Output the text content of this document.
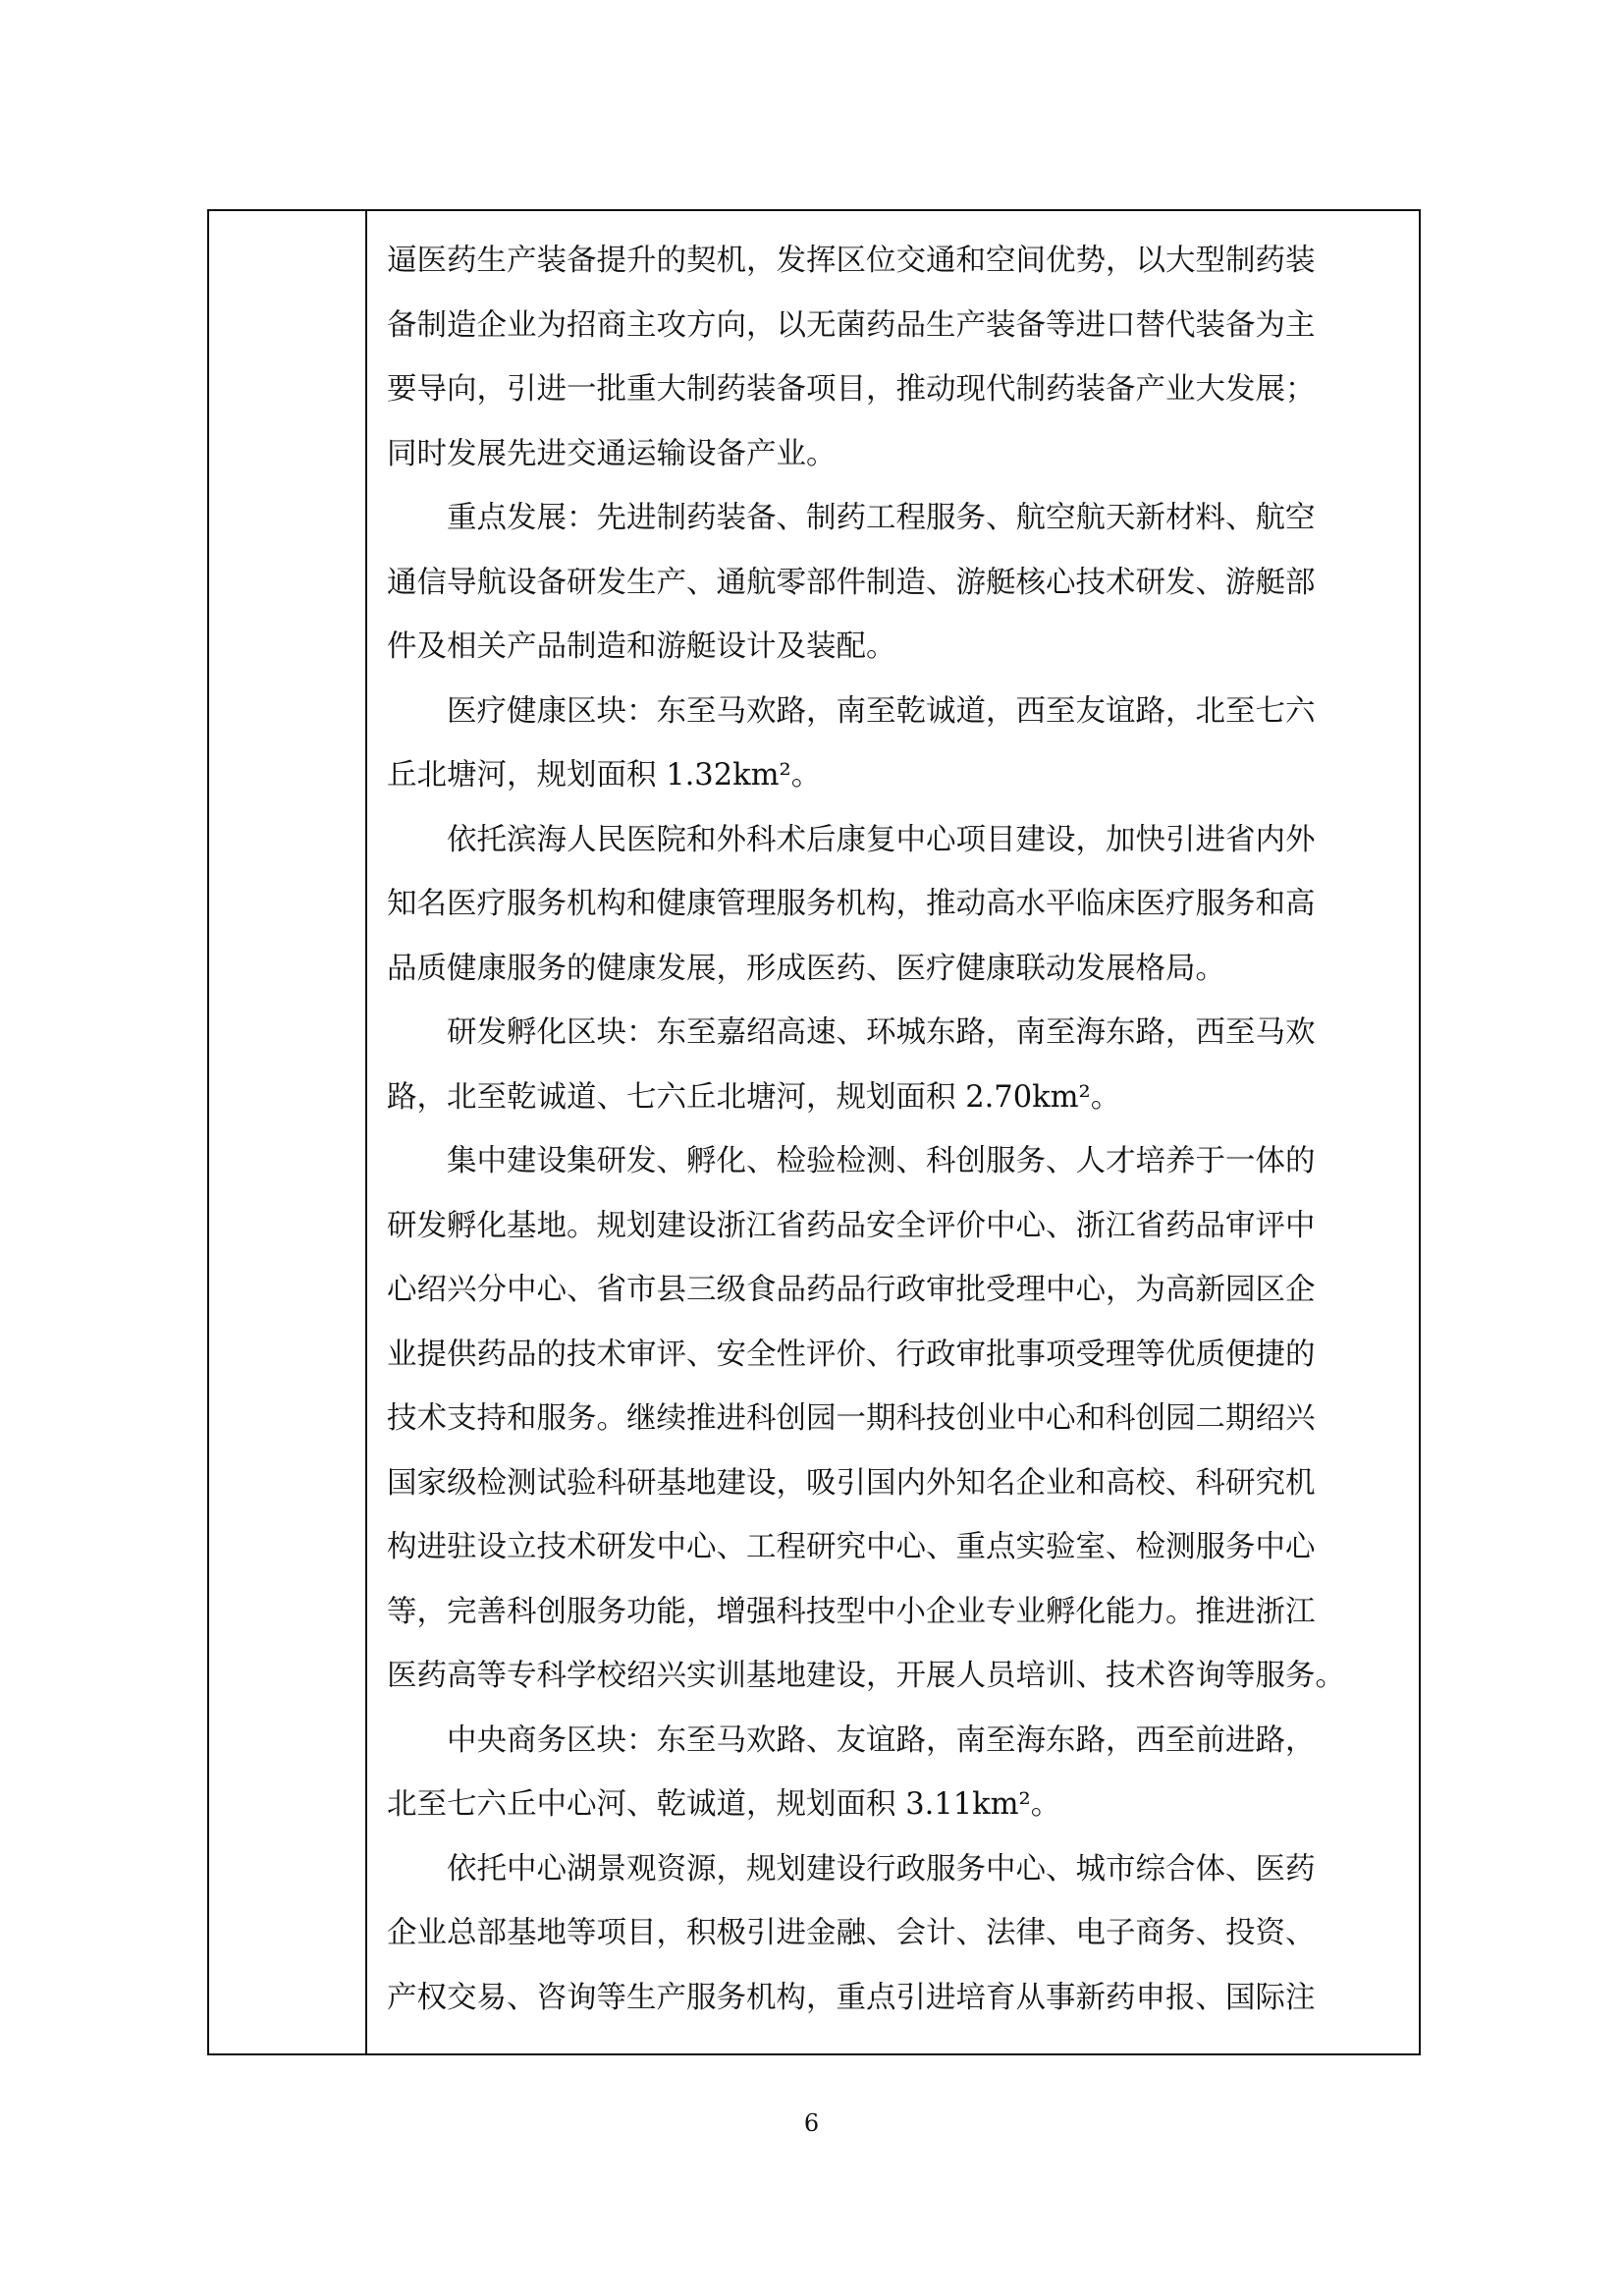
逼医药生产装备提升的契机，发挥区位交通和空间优势，以大型制药装
备制造企业为招商主攻方向，以无菌药品生产装备等进口替代装备为主
要导向，引进一批重大制药装备项目，推动现代制药装备产业大发展；
同时发展先进交通运输设备产业。

重点发展：先进制药装备、制药工程服务、航空航天新材料、航空
通信导航设备研发生产、通航零部件制造、游艇核心技术研发、游艇部
件及相关产品制造和游艇设计及装配。

医疗健康区块：东至马欢路，南至乾诚道，西至友谊路，北至七六
丘北塘河，规划面积 1.32km²。

依托滨海人民医院和外科术后康复中心项目建设，加快引进省内外
知名医疗服务机构和健康管理服务机构，推动高水平临床医疗服务和高
品质健康服务的健康发展，形成医药、医疗健康联动发展格局。

研发孵化区块：东至嘉绍高速、环城东路，南至海东路，西至马欢
路，北至乾诚道、七六丘北塘河，规划面积 2.70km²。

集中建设集研发、孵化、检验检测、科创服务、人才培养于一体的
研发孵化基地。规划建设浙江省药品安全评价中心、浙江省药品审评中
心绍兴分中心、省市县三级食品药品行政审批受理中心，为高新园区企
业提供药品的技术审评、安全性评价、行政审批事项受理等优质便捷的
技术支持和服务。继续推进科创园一期科技创业中心和科创园二期绍兴
国家级检测试验科研基地建设，吸引国内外知名企业和高校、科研究机
构进驻设立技术研发中心、工程研究中心、重点实验室、检测服务中心
等，完善科创服务功能，增强科技型中小企业专业孵化能力。推进浙江
医药高等专科学校绍兴实训基地建设，开展人员培训、技术咨询等服务。

中央商务区块：东至马欢路、友谊路，南至海东路，西至前进路，
北至七六丘中心河、乾诚道，规划面积 3.11km²。

依托中心湖景观资源，规划建设行政服务中心、城市综合体、医药
企业总部基地等项目，积极引进金融、会计、法律、电子商务、投资、
产权交易、咨询等生产服务机构，重点引进培育从事新药申报、国际注

6
